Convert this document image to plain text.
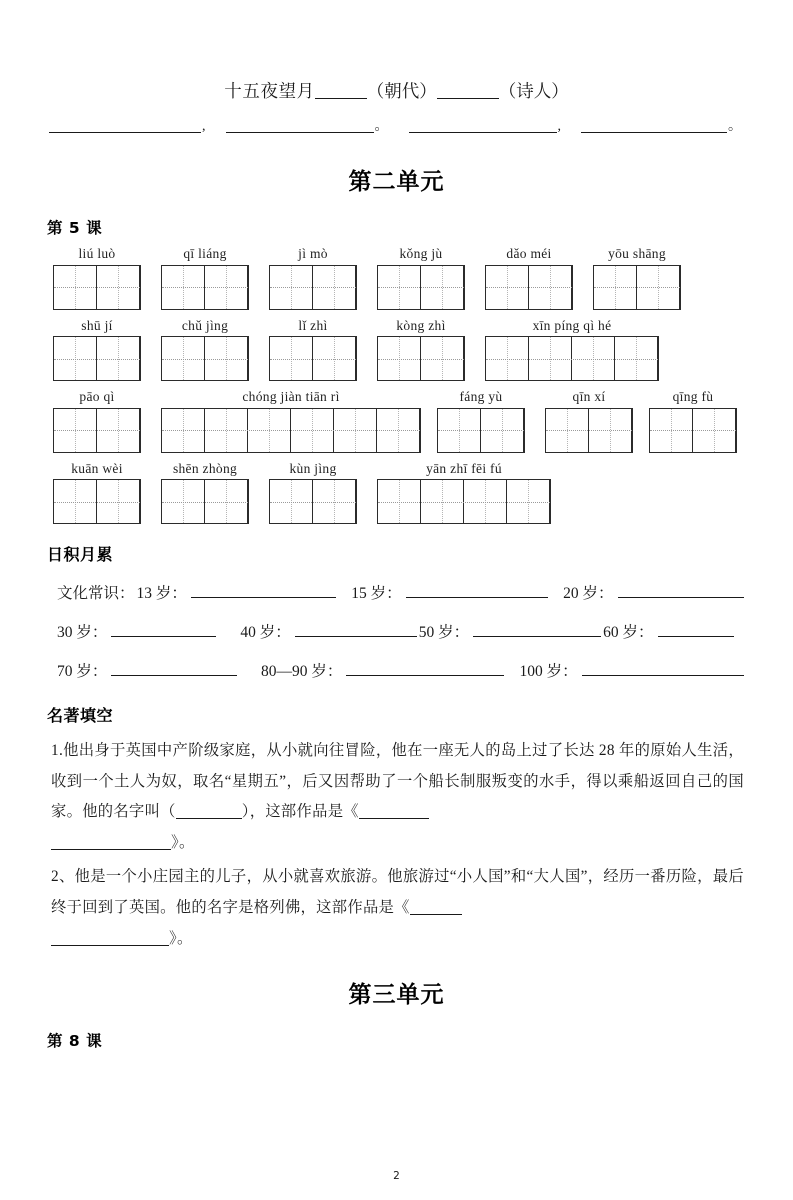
十五夜望月	（朝代）	（诗人）
,	。	,	。
第二单元
第 5 课
liú luò	qī liáng	jì mò	kǒng jù	dǎo méi	yōu shāng
shū jí	chǔ jìng	lǐ zhì	kòng zhì	xīn píng qì hé
pāo qì	chóng jiàn tiān rì	fáng yù	qīn xí	qīng fù
kuān wèi	shēn zhòng	kùn jìng	yān zhī fēi fú
日积月累
文化常识： 13 岁：	15 岁：	20 岁：
30 岁：	40 岁：	50 岁：	60 岁：
70 岁：	80—90 岁：	100 岁：
名著填空
1.他出身于英国中产阶级家庭，从小就向往冒险，他在一座无人的岛上过了长达 28 年的原始人生活，收到一个土人为奴，取名“星期五”，后又因帮助了一个船长制服叛变的水手，得以乘船返回自己的国家。他的名字叫（	），这部作品是《
》。
2、他是一个小庄园主的儿子，从小就喜欢旅游。他旅游过“小人国”和“大人国”，经历一番历险，最后终于回到了英国。他的名字是格列佛，这部作品是《
》。
第三单元
第 8 课
2
